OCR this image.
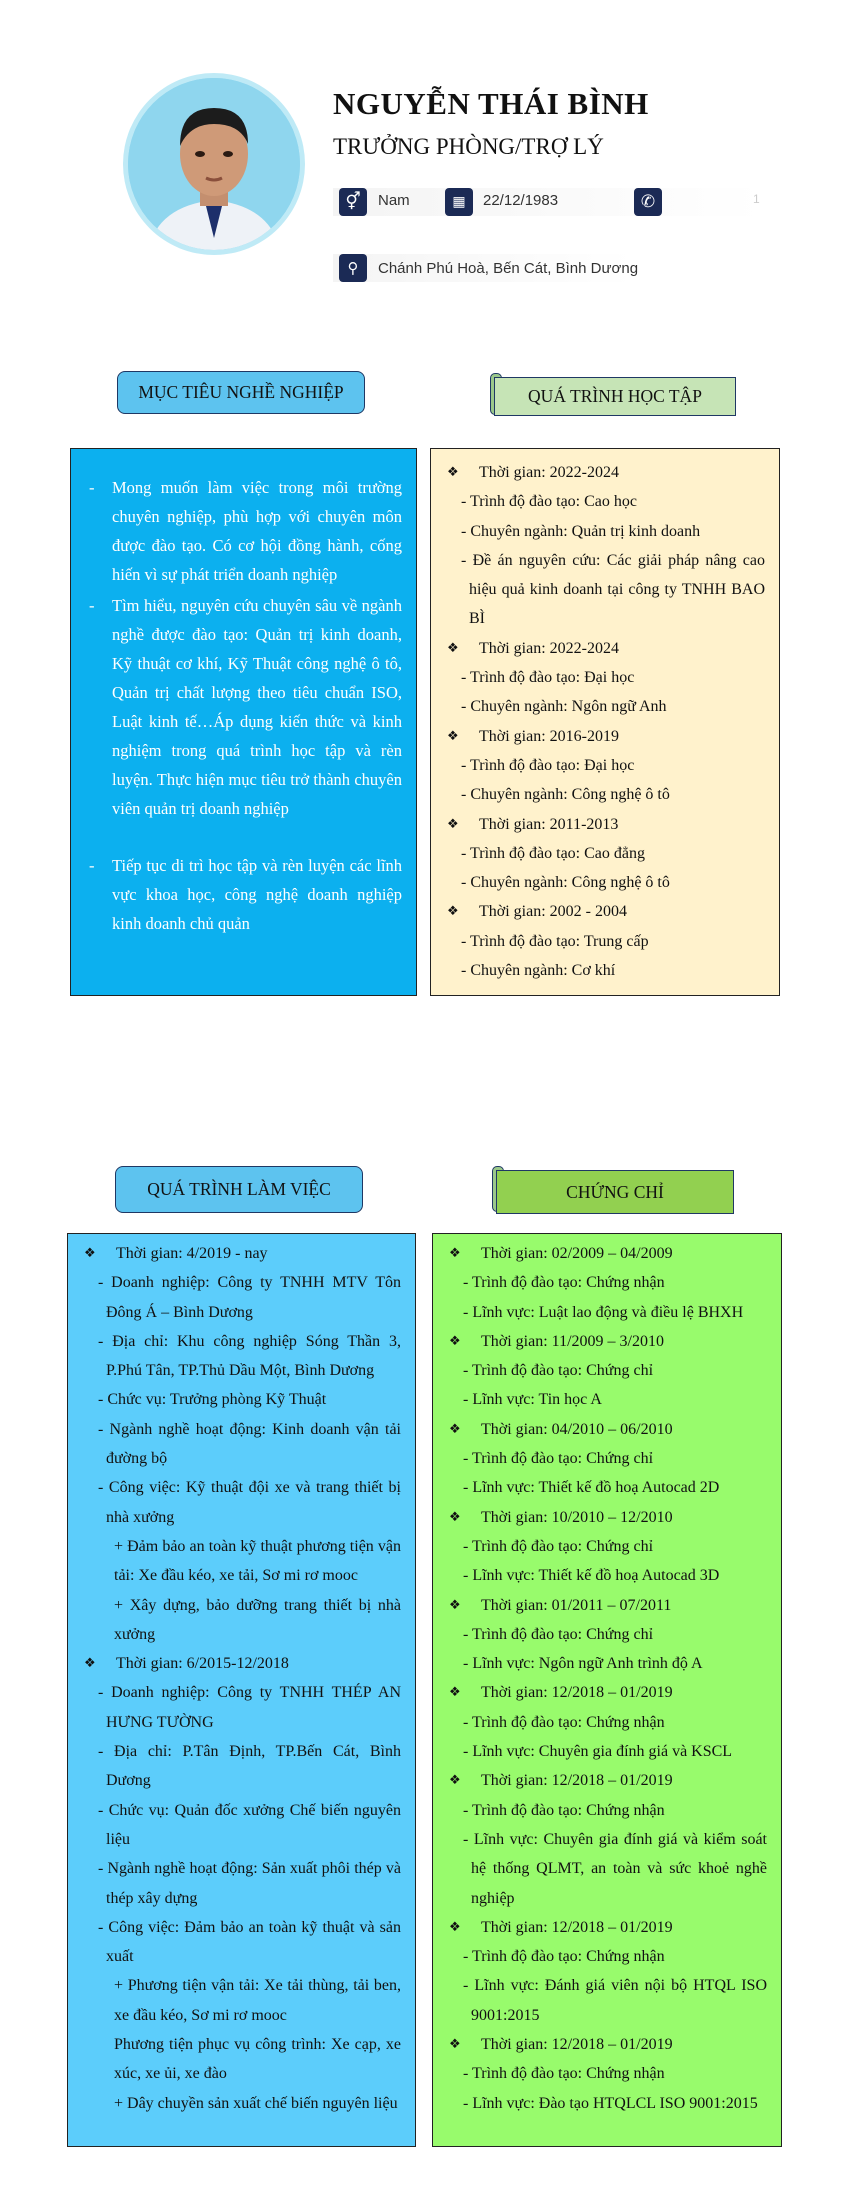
NGUYỄN THÁI BÌNH
TRƯỞNG PHÒNG/TRỢ LÝ
⚥	Nam	▦	22/12/1983	✆	1
⚲	Chánh Phú Hoà, Bến Cát, Bình Dương
MỤC TIÊU NGHỀ NGHIỆP	QUÁ TRÌNH HỌC TẬP
- Mong muốn làm việc trong môi trường chuyên nghiệp, phù hợp với chuyên môn được đào tạo. Có cơ hội đồng hành, cống hiến vì sự phát triển doanh nghiệp
- Tìm hiểu, nguyên cứu chuyên sâu về ngành nghề được đào tạo: Quản trị kinh doanh, Kỹ thuật cơ khí, Kỹ Thuật công nghệ ô tô, Quản trị chất lượng theo tiêu chuẩn ISO, Luật kinh tế…Áp dụng kiến thức và kinh nghiệm trong quá trình học tập và rèn luyện. Thực hiện mục tiêu trở thành chuyên viên quản trị doanh nghiệp
- Tiếp tục di trì học tập và rèn luyện các lĩnh vực khoa học, công nghệ doanh nghiệp kinh doanh chủ quản
❖ Thời gian: 2022-2024
- Trình độ đào tạo: Cao học
- Chuyên ngành: Quản trị kinh doanh
- Đề án nguyên cứu: Các giải pháp nâng cao hiệu quả kinh doanh tại công ty TNHH BAO BÌ
❖ Thời gian: 2022-2024
- Trình độ đào tạo: Đại học
- Chuyên ngành: Ngôn ngữ Anh
❖ Thời gian: 2016-2019
- Trình độ đào tạo: Đại học
- Chuyên ngành: Công nghệ ô tô
❖ Thời gian: 2011-2013
- Trình độ đào tạo: Cao đẳng
- Chuyên ngành: Công nghệ ô tô
❖ Thời gian: 2002 - 2004
- Trình độ đào tạo: Trung cấp
- Chuyên ngành: Cơ khí
QUÁ TRÌNH LÀM VIỆC	CHỨNG CHỈ
❖ Thời gian: 4/2019 - nay
- Doanh nghiệp: Công ty TNHH MTV Tôn Đông Á – Bình Dương
- Địa chỉ: Khu công nghiệp Sóng Thần 3, P.Phú Tân, TP.Thủ Dầu Một, Bình Dương
- Chức vụ: Trưởng phòng Kỹ Thuật
- Ngành nghề hoạt động: Kinh doanh vận tải đường bộ
- Công việc: Kỹ thuật đội xe và trang thiết bị nhà xưởng
+ Đảm bảo an toàn kỹ thuật phương tiện vận tải: Xe đầu kéo, xe tải, Sơ mi rơ mooc
+ Xây dựng, bảo dưỡng trang thiết bị nhà xưởng
❖ Thời gian: 6/2015-12/2018
- Doanh nghiệp: Công ty TNHH THÉP AN HƯNG TƯỜNG
- Địa chỉ: P.Tân Định, TP.Bến Cát, Bình Dương
- Chức vụ: Quản đốc xưởng Chế biến nguyên liệu
- Ngành nghề hoạt động: Sản xuất phôi thép và thép xây dựng
- Công việc: Đảm bảo an toàn kỹ thuật và sản xuất
+ Phương tiện vận tải: Xe tải thùng, tải ben, xe đầu kéo, Sơ mi rơ mooc
Phương tiện phục vụ công trình: Xe cạp, xe xúc, xe ủi, xe đào
+ Dây chuyền sản xuất chế biến nguyên liệu
❖ Thời gian: 02/2009 – 04/2009
- Trình độ đào tạo: Chứng nhận
- Lĩnh vực: Luật lao động và điều lệ BHXH
❖ Thời gian: 11/2009 – 3/2010
- Trình độ đào tạo: Chứng chỉ
- Lĩnh vực: Tin học A
❖ Thời gian: 04/2010 – 06/2010
- Trình độ đào tạo: Chứng chỉ
- Lĩnh vực: Thiết kế đồ hoạ Autocad 2D
❖ Thời gian: 10/2010 – 12/2010
- Trình độ đào tạo: Chứng chỉ
- Lĩnh vực: Thiết kế đồ hoạ Autocad 3D
❖ Thời gian: 01/2011 – 07/2011
- Trình độ đào tạo: Chứng chỉ
- Lĩnh vực: Ngôn ngữ Anh trình độ A
❖ Thời gian: 12/2018 – 01/2019
- Trình độ đào tạo: Chứng nhận
- Lĩnh vực: Chuyên gia đính giá và KSCL
❖ Thời gian: 12/2018 – 01/2019
- Trình độ đào tạo: Chứng nhận
- Lĩnh vực: Chuyên gia đính giá và kiểm soát hệ thống QLMT, an toàn và sức khoẻ nghề nghiệp
❖ Thời gian: 12/2018 – 01/2019
- Trình độ đào tạo: Chứng nhận
- Lĩnh vực: Đánh giá viên nội bộ HTQL ISO 9001:2015
❖ Thời gian: 12/2018 – 01/2019
- Trình độ đào tạo: Chứng nhận
- Lĩnh vực: Đào tạo HTQLCL ISO 9001:2015
